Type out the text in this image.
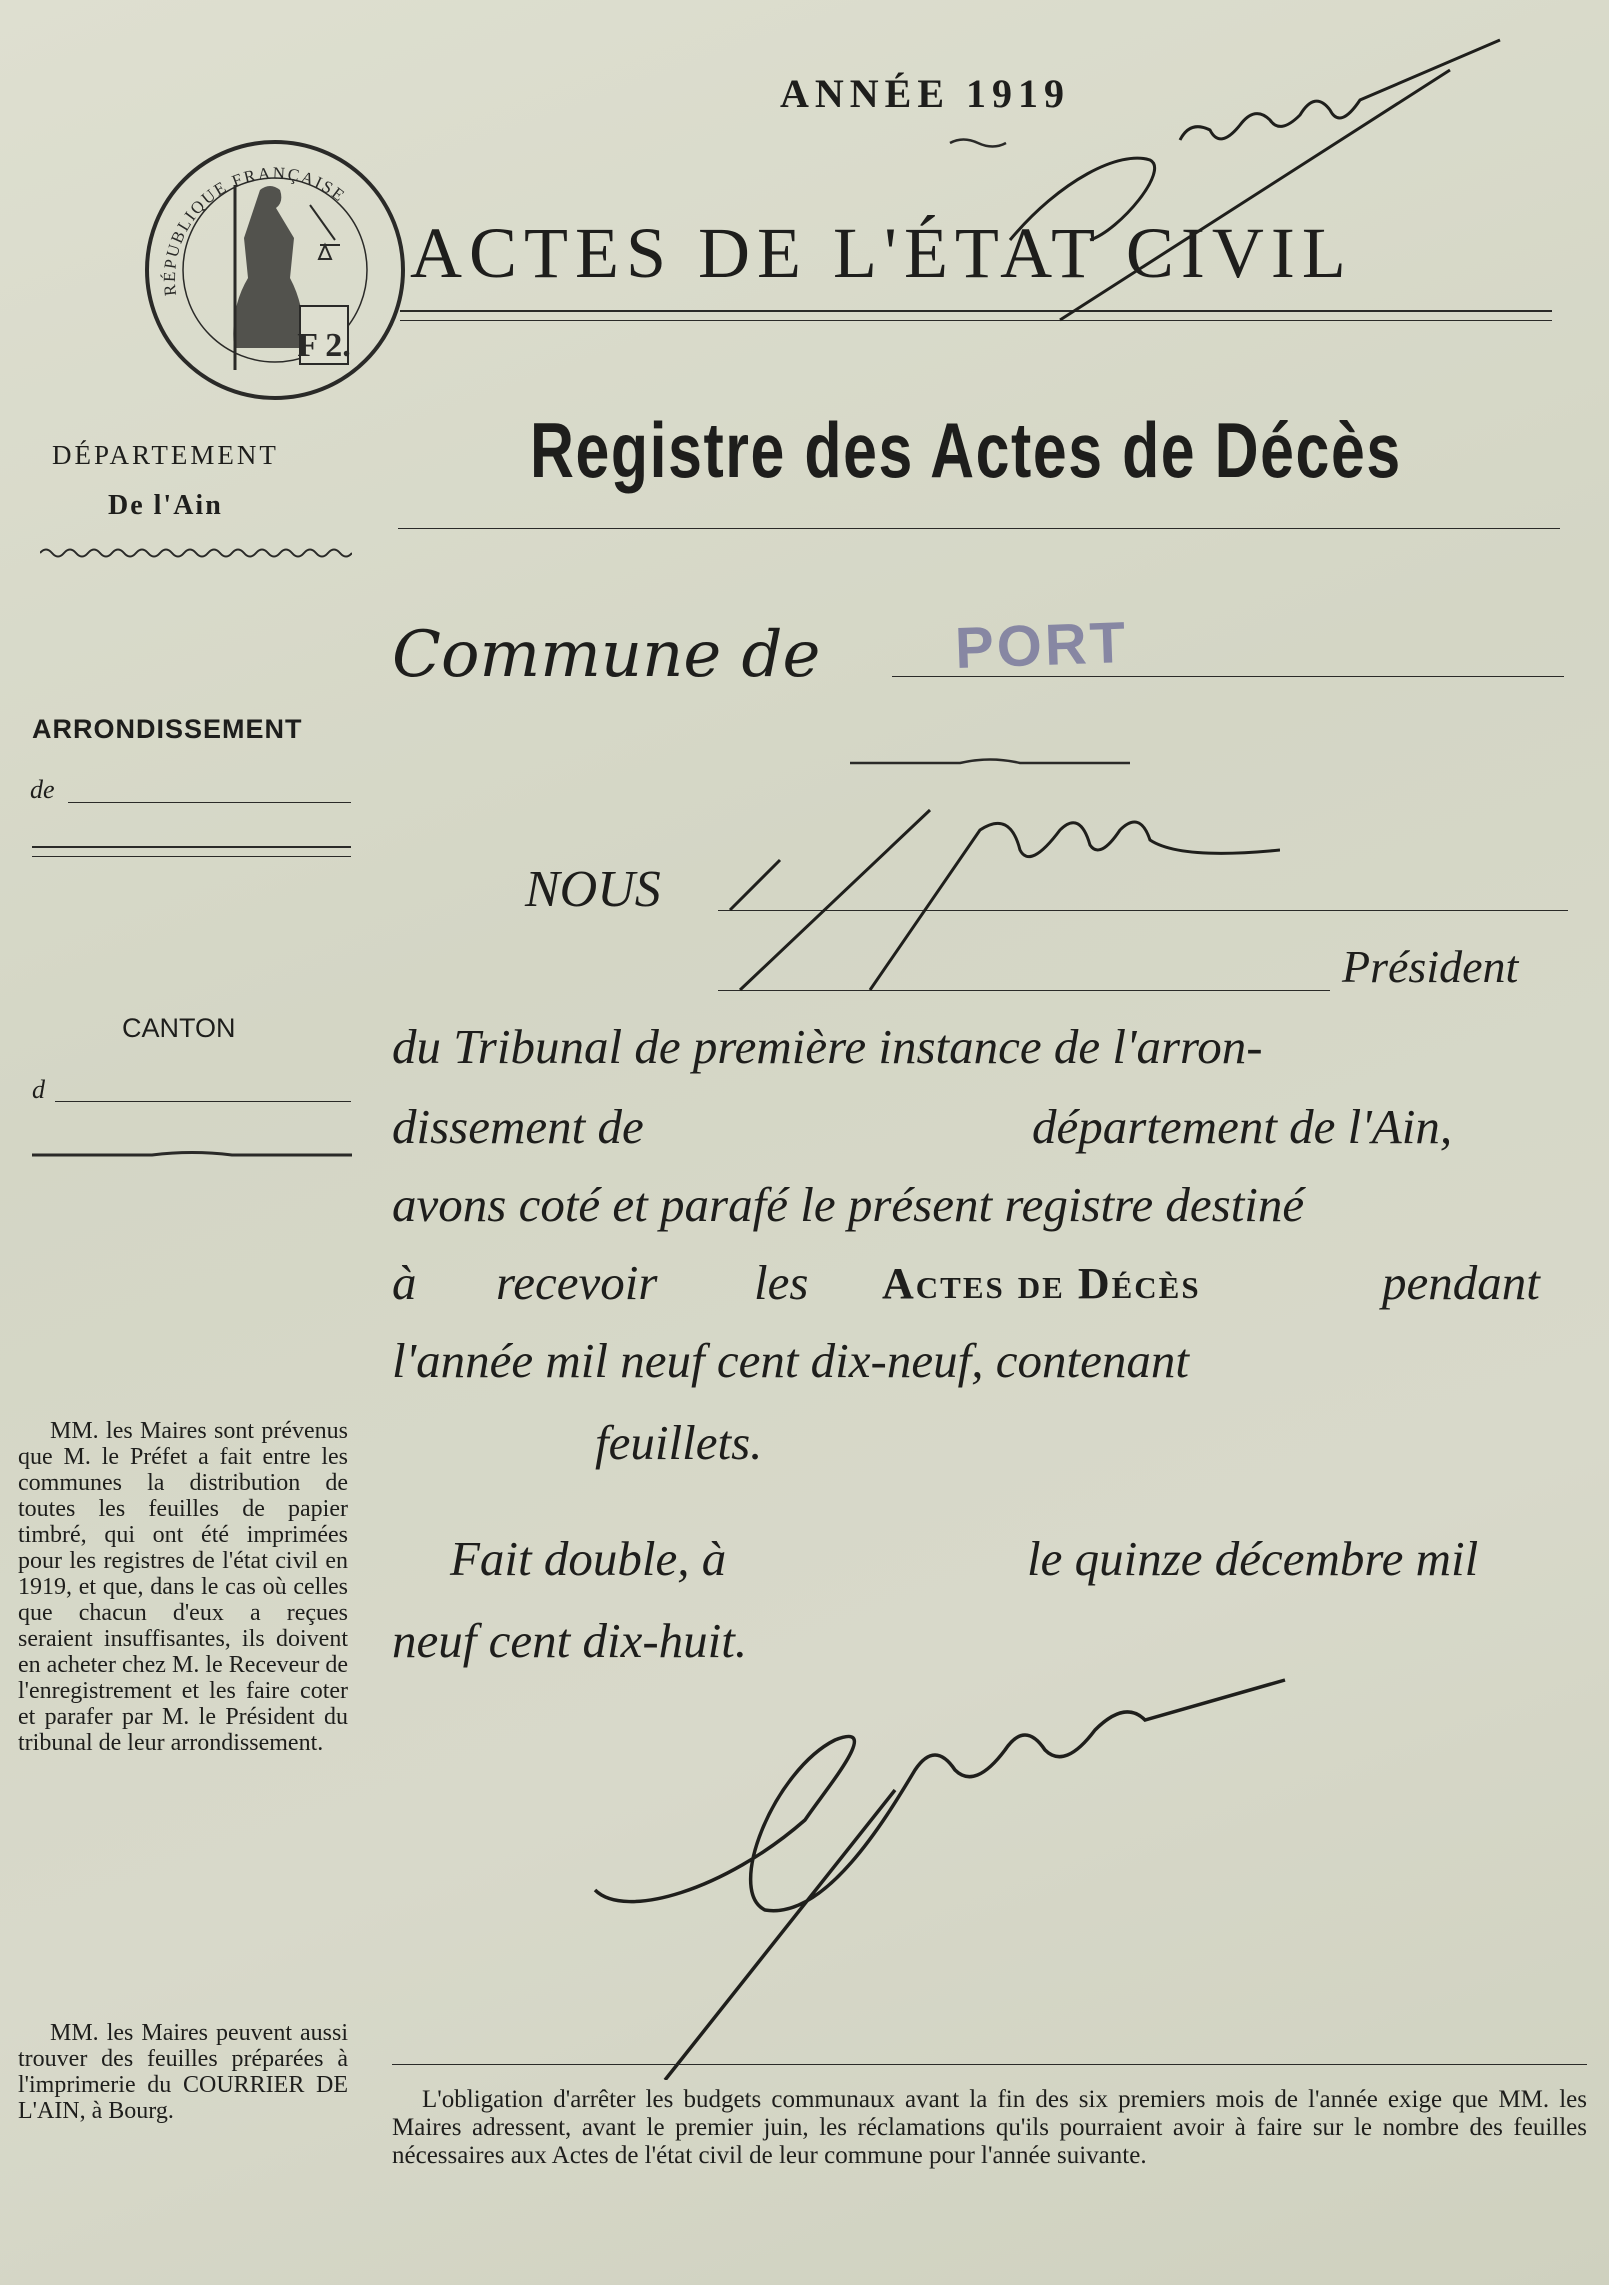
ANNÉE 1919
ACTES DE L'ÉTAT CIVIL
Registre des Actes de Décès
RÉPUBLIQUE FRANÇAISE
F 2.
DÉPARTEMENT
De l'Ain
ARRONDISSEMENT
de
CANTON
d

MM. les Maires sont prévenus que M. le Préfet a fait entre les communes la distribution de toutes les feuilles de papier timbré, qui ont été imprimées pour les registres de l'état civil en 1919, et que, dans le cas où celles que chacun d'eux a reçues seraient insuffisantes, ils doivent en acheter chez M. le Receveur de l'enregistrement et les faire coter et parafer par M. le Président du tribunal de leur arrondissement.

MM. les Maires peuvent aussi trouver des feuilles préparées à l'imprimerie du COURRIER DE L'AIN, à Bourg.

Commune de PORT
NOUS
Président
du Tribunal de première instance de l'arron-
dissement de	département de l'Ain,
avons coté et parafé le présent registre destiné
à recevoir les Actes de Décès	pendant
l'année mil neuf cent dix-neuf, contenant
feuillets.
Fait double, à	le quinze décembre mil
neuf cent dix-huit.

L'obligation d'arrêter les budgets communaux avant la fin des six premiers mois de l'année exige que MM. les Maires adressent, avant le premier juin, les réclamations qu'ils pourraient avoir à faire sur le nombre des feuilles nécessaires aux Actes de l'état civil de leur commune pour l'année suivante.
